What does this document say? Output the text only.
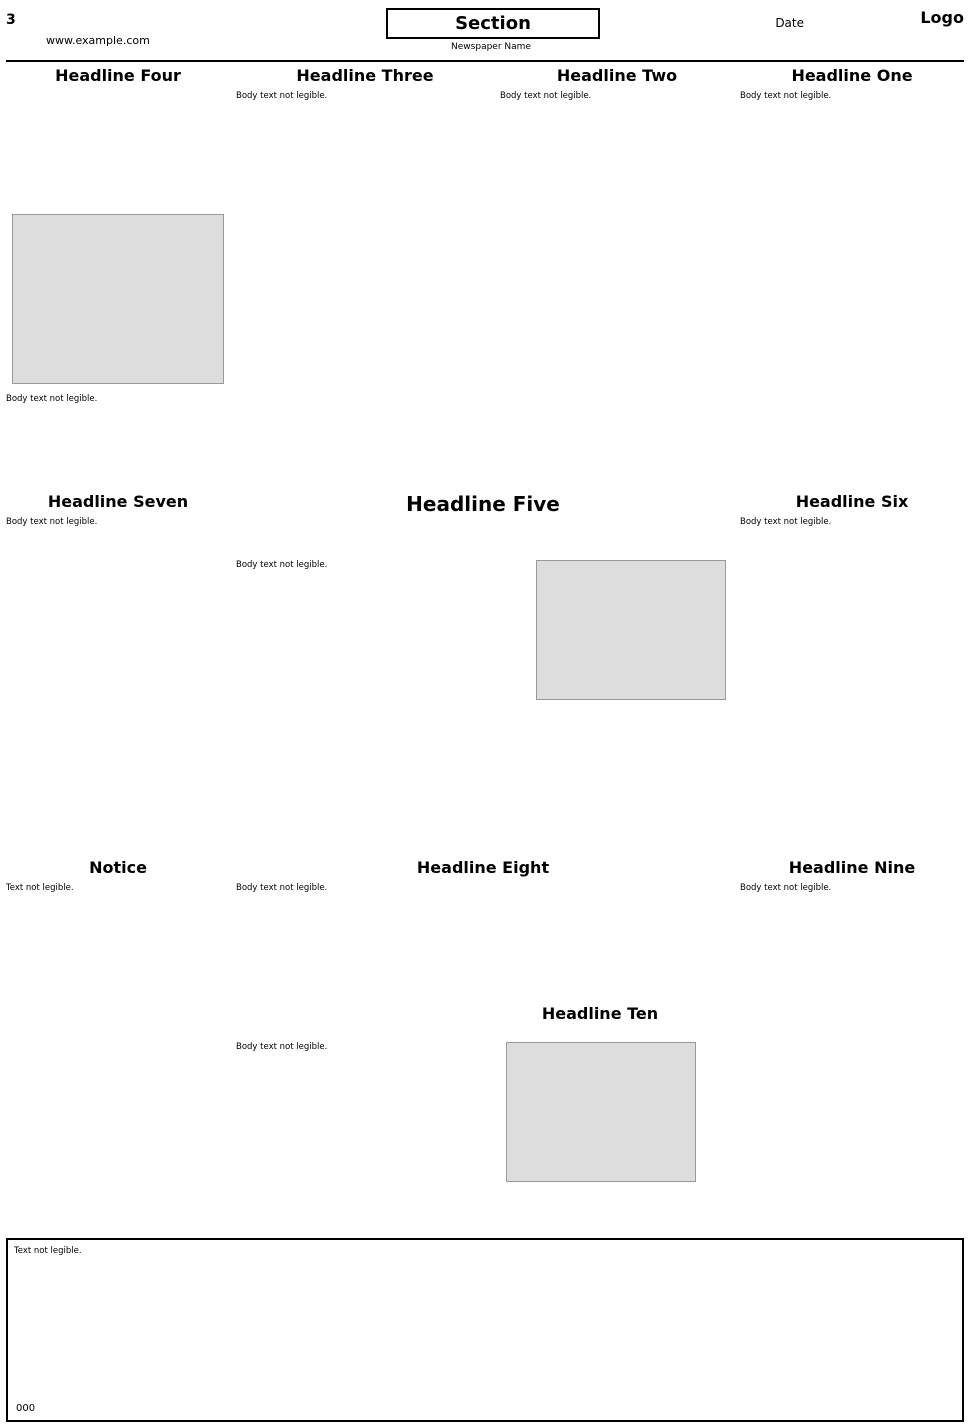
3	Section	Logo
www.example.com
Date
Newspaper Name
Headline One
Body text not legible.
Headline Two
Body text not legible.
Headline Three
Body text not legible.
Headline Four
Body text not legible.
Headline Five
Body text not legible.
Headline Six
Body text not legible.
Headline Seven
Body text not legible.
Headline Eight
Body text not legible.
Headline Nine
Body text not legible.
Headline Ten
Body text not legible.
Notice
Text not legible.
Text not legible.
000
